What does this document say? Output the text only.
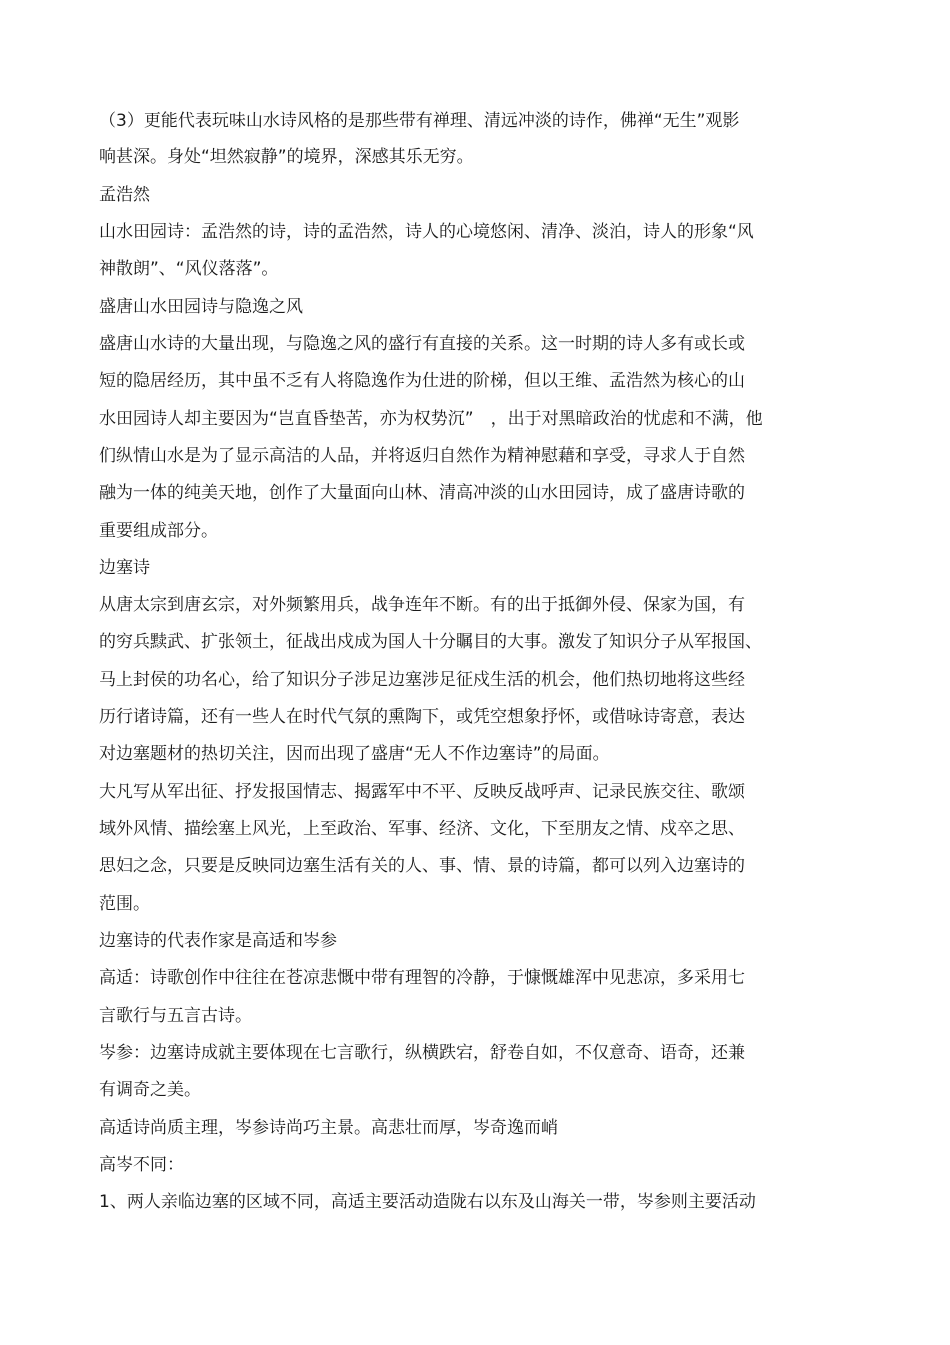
（3）更能代表玩味山水诗风格的是那些带有禅理、清远冲淡的诗作，佛禅“无生”观影
响甚深。身处“坦然寂静”的境界，深感其乐无穷。
孟浩然
山水田园诗：孟浩然的诗，诗的孟浩然，诗人的心境悠闲、清净、淡泊，诗人的形象“风
神散朗”、“风仪落落”。
盛唐山水田园诗与隐逸之风
盛唐山水诗的大量出现，与隐逸之风的盛行有直接的关系。这一时期的诗人多有或长或
短的隐居经历，其中虽不乏有人将隐逸作为仕进的阶梯，但以王维、孟浩然为核心的山
水田园诗人却主要因为“岂直昏垫苦，亦为权势沉”　，出于对黑暗政治的忧虑和不满，他
们纵情山水是为了显示高洁的人品，并将返归自然作为精神慰藉和享受，寻求人于自然
融为一体的纯美天地，创作了大量面向山林、清高冲淡的山水田园诗，成了盛唐诗歌的
重要组成部分。
边塞诗
从唐太宗到唐玄宗，对外频繁用兵，战争连年不断。有的出于抵御外侵、保家为国，有
的穷兵黩武、扩张领土，征战出戍成为国人十分瞩目的大事。激发了知识分子从军报国、
马上封侯的功名心，给了知识分子涉足边塞涉足征戍生活的机会，他们热切地将这些经
历行诸诗篇，还有一些人在时代气氛的熏陶下，或凭空想象抒怀，或借咏诗寄意，表达
对边塞题材的热切关注，因而出现了盛唐“无人不作边塞诗”的局面。
大凡写从军出征、抒发报国情志、揭露军中不平、反映反战呼声、记录民族交往、歌颂
域外风情、描绘塞上风光，上至政治、军事、经济、文化，下至朋友之情、戍卒之思、
思妇之念，只要是反映同边塞生活有关的人、事、情、景的诗篇，都可以列入边塞诗的
范围。
边塞诗的代表作家是高适和岑参
高适：诗歌创作中往往在苍凉悲慨中带有理智的冷静，于慷慨雄浑中见悲凉，多采用七
言歌行与五言古诗。
岑参：边塞诗成就主要体现在七言歌行，纵横跌宕，舒卷自如，不仅意奇、语奇，还兼
有调奇之美。
高适诗尚质主理，岑参诗尚巧主景。高悲壮而厚，岑奇逸而峭
高岑不同：
1、两人亲临边塞的区域不同，高适主要活动造陇右以东及山海关一带，岑参则主要活动
